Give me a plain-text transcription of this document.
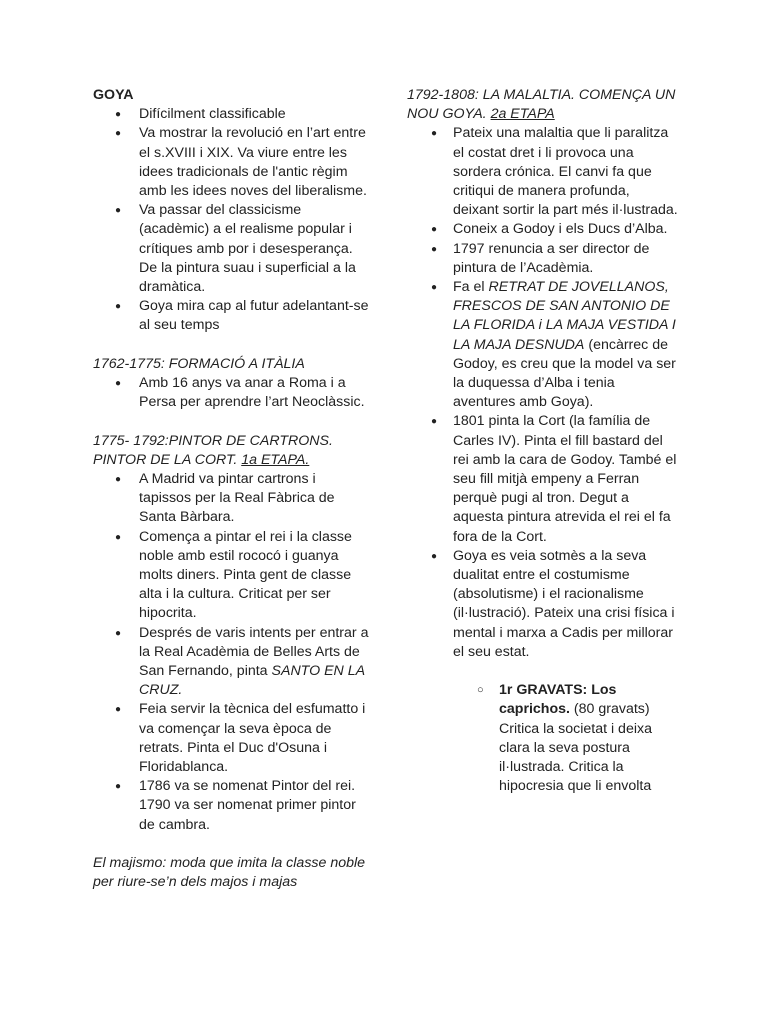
GOYA

● Difícilment classificable
● Va mostrar la revolució en l’art entre el s.XVIII i XIX. Va viure entre les idees tradicionals de l'antic règim amb les idees noves del liberalisme.
● Va passar del classicisme (acadèmic) a el realisme popular i crítiques amb por i desesperança. De la pintura suau i superficial a la dramàtica.
● Goya mira cap al futur adelantant-se al seu temps

1762-1775: FORMACIÓ A ITÀLIA

● Amb 16 anys va anar a Roma i a Persa per aprendre l’art Neoclàssic.

1775- 1792:PINTOR DE CARTRONS. PINTOR DE LA CORT. 1a ETAPA.

● A Madrid va pintar cartrons i tapissos per la Real Fàbrica de Santa Bàrbara.
● Comença a pintar el rei i la classe noble amb estil rococó i guanya molts diners. Pinta gent de classe alta i la cultura. Criticat per ser hipocrita.
● Després de varis intents per entrar a la Real Acadèmia de Belles Arts de San Fernando, pinta SANTO EN LA CRUZ.
● Feia servir la tècnica del esfumatto i va començar la seva època de retrats. Pinta el Duc d'Osuna i Floridablanca.
● 1786 va se nomenat Pintor del rei. 1790 va ser nomenat primer pintor de cambra.

El majismo: moda que imita la classe noble per riure-se’n dels majos i majas

1792-1808: LA MALALTIA. COMENÇA UN NOU GOYA. 2a ETAPA

● Pateix una malaltia que li paralitza el costat dret i li provoca una sordera crónica. El canvi fa que critiqui de manera profunda, deixant sortir la part més il·lustrada.
● Coneix a Godoy i els Ducs d’Alba.
● 1797 renuncia a ser director de pintura de l’Acadèmia.
● Fa el RETRAT DE JOVELLANOS, FRESCOS DE SAN ANTONIO DE LA FLORIDA i LA MAJA VESTIDA I LA MAJA DESNUDA (encàrrec de Godoy, es creu que la model va ser la duquessa d’Alba i tenia aventures amb Goya).
● 1801 pinta la Cort (la família de Carles IV). Pinta el fill bastard del rei amb la cara de Godoy. També el seu fill mitjà empeny a Ferran perquè pugi al tron. Degut a aquesta pintura atrevida el rei el fa fora de la Cort.
● Goya es veia sotmès a la seva dualitat entre el costumisme (absolutisme) i el racionalisme (il·lustració). Pateix una crisi física i mental i marxa a Cadis per millorar el seu estat.
○ 1r GRAVATS: Los caprichos. (80 gravats) Critica la societat i deixa clara la seva postura il·lustrada. Critica la hipocresia que li envolta
